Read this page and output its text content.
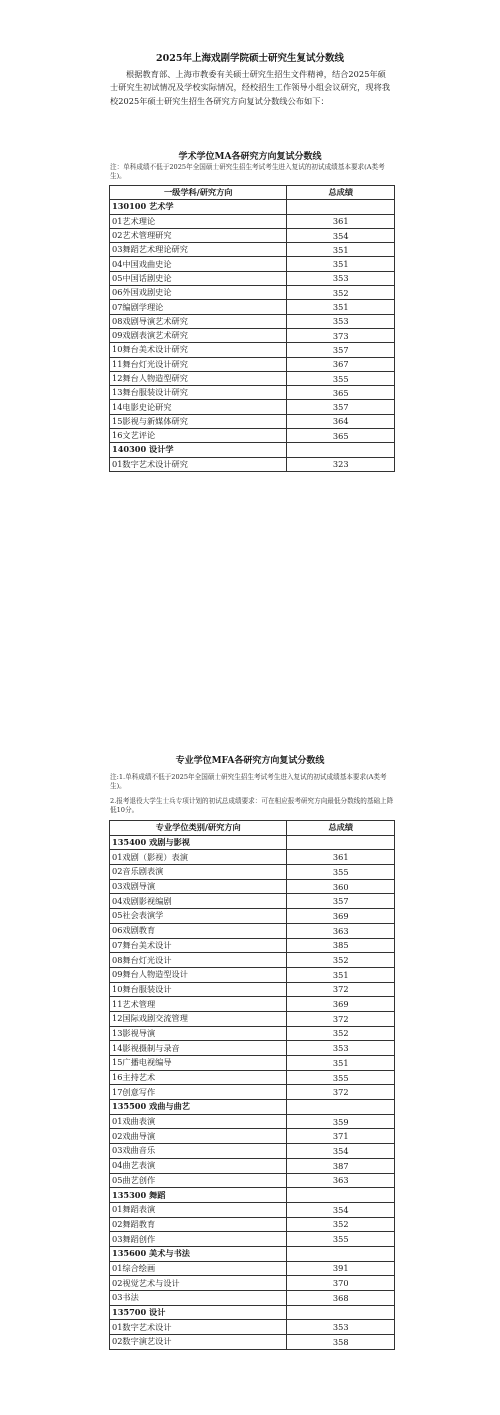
2025年上海戏剧学院硕士研究生复试分数线
根据教育部、上海市教委有关硕士研究生招生文件精神，结合2025年硕士研究生初试情况及学校实际情况，经校招生工作领导小组会议研究，现将我校2025年硕士研究生招生各研究方向复试分数线公布如下：
学术学位MA各研究方向复试分数线
注：单科成绩不低于2025年全国硕士研究生招生考试考生进入复试的初试成绩基本要求(A类考生)。
一级学科/研究方向	总成绩
130100 艺术学	
01艺术理论	361
02艺术管理研究	354
03舞蹈艺术理论研究	351
04中国戏曲史论	351
05中国话剧史论	353
06外国戏剧史论	352
07编剧学理论	351
08戏剧导演艺术研究	353
09戏剧表演艺术研究	373
10舞台美术设计研究	357
11舞台灯光设计研究	367
12舞台人物造型研究	355
13舞台服装设计研究	365
14电影史论研究	357
15影视与新媒体研究	364
16文艺评论	365
140300 设计学	
01数字艺术设计研究	323
专业学位MFA各研究方向复试分数线
注:1.单科成绩不低于2025年全国硕士研究生招生考试考生进入复试的初试成绩基本要求(A类考生)。
2.报考退役大学生士兵专项计划的初试总成绩要求：可在相应报考研究方向最低分数线的基础上降低10分。
专业学位类别/研究方向	总成绩
135400 戏剧与影视	
01戏剧（影视）表演	361
02音乐剧表演	355
03戏剧导演	360
04戏剧影视编剧	357
05社会表演学	369
06戏剧教育	363
07舞台美术设计	385
08舞台灯光设计	352
09舞台人物造型设计	351
10舞台服装设计	372
11艺术管理	369
12国际戏剧交流管理	372
13影视导演	352
14影视摄制与录音	353
15广播电视编导	351
16主持艺术	355
17创意写作	372
135500 戏曲与曲艺	
01戏曲表演	359
02戏曲导演	371
03戏曲音乐	354
04曲艺表演	387
05曲艺创作	363
135300 舞蹈	
01舞蹈表演	354
02舞蹈教育	352
03舞蹈创作	355
135600 美术与书法	
01综合绘画	391
02视觉艺术与设计	370
03书法	368
135700 设计	
01数字艺术设计	353
02数字演艺设计	358
